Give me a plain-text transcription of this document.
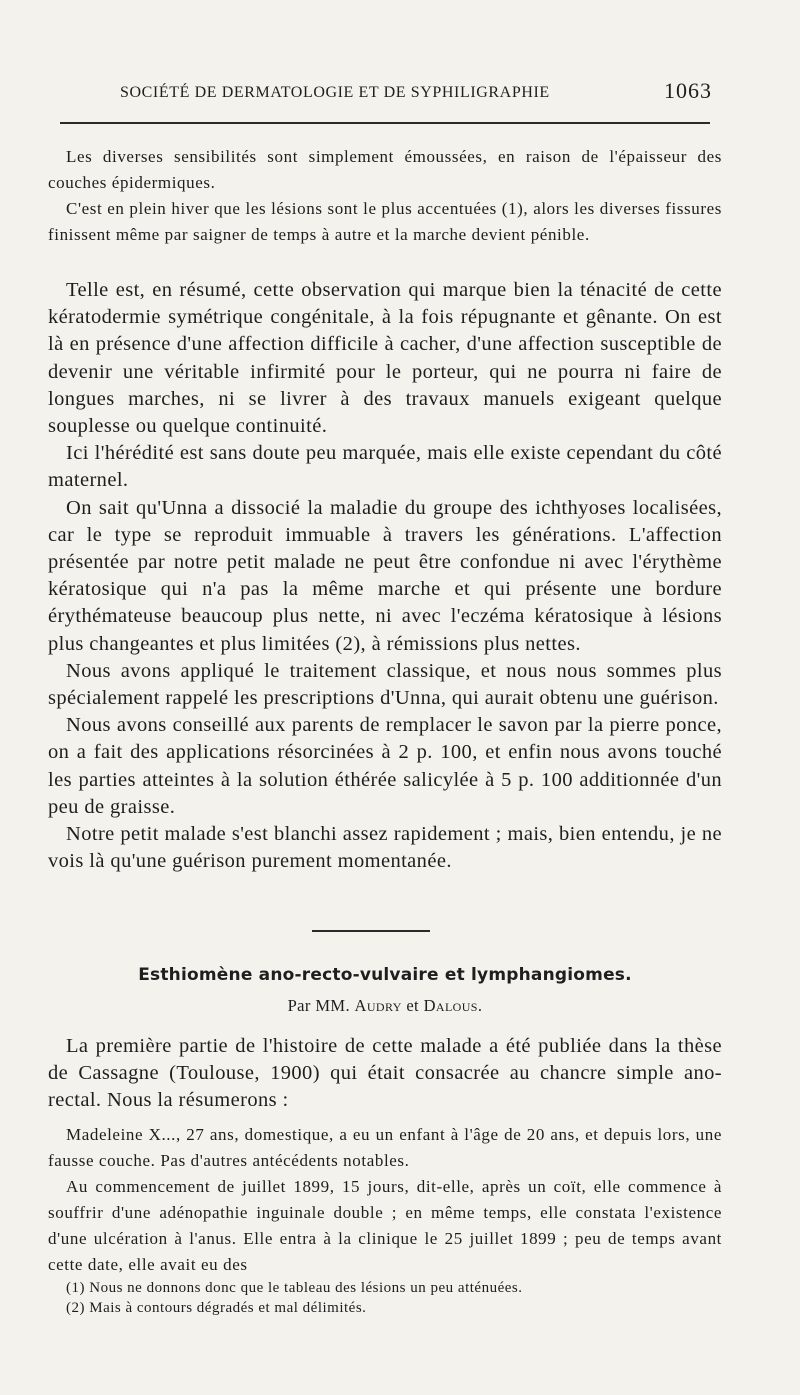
SOCIÉTÉ DE DERMATOLOGIE ET DE SYPHILIGRAPHIE	1063

Les diverses sensibilités sont simplement émoussées, en raison de l'épaisseur des couches épidermiques.

C'est en plein hiver que les lésions sont le plus accentuées (1), alors les diverses fissures finissent même par saigner de temps à autre et la marche devient pénible.

Telle est, en résumé, cette observation qui marque bien la ténacité de cette kératodermie symétrique congénitale, à la fois répugnante et gênante. On est là en présence d'une affection difficile à cacher, d'une affection susceptible de devenir une véritable infirmité pour le porteur, qui ne pourra ni faire de longues marches, ni se livrer à des travaux manuels exigeant quelque souplesse ou quelque continuité.

Ici l'hérédité est sans doute peu marquée, mais elle existe cependant du côté maternel.

On sait qu'Unna a dissocié la maladie du groupe des ichthyoses localisées, car le type se reproduit immuable à travers les générations. L'affection présentée par notre petit malade ne peut être confondue ni avec l'érythème kératosique qui n'a pas la même marche et qui présente une bordure érythémateuse beaucoup plus nette, ni avec l'eczéma kératosique à lésions plus changeantes et plus limitées (2), à rémissions plus nettes.

Nous avons appliqué le traitement classique, et nous nous sommes plus spécialement rappelé les prescriptions d'Unna, qui aurait obtenu une guérison.

Nous avons conseillé aux parents de remplacer le savon par la pierre ponce, on a fait des applications résorcinées à 2 p. 100, et enfin nous avons touché les parties atteintes à la solution éthérée salicylée à 5 p. 100 additionnée d'un peu de graisse.

Notre petit malade s'est blanchi assez rapidement ; mais, bien entendu, je ne vois là qu'une guérison purement momentanée.

Esthiomène ano-recto-vulvaire et lymphangiomes.
Par MM. Audry et Dalous.

La première partie de l'histoire de cette malade a été publiée dans la thèse de Cassagne (Toulouse, 1900) qui était consacrée au chancre simple ano-rectal. Nous la résumerons :

Madeleine X..., 27 ans, domestique, a eu un enfant à l'âge de 20 ans, et depuis lors, une fausse couche. Pas d'autres antécédents notables.

Au commencement de juillet 1899, 15 jours, dit-elle, après un coït, elle commence à souffrir d'une adénopathie inguinale double ; en même temps, elle constata l'existence d'une ulcération à l'anus. Elle entra à la clinique le 25 juillet 1899 ; peu de temps avant cette date, elle avait eu des

(1) Nous ne donnons donc que le tableau des lésions un peu atténuées.
(2) Mais à contours dégradés et mal délimités.
